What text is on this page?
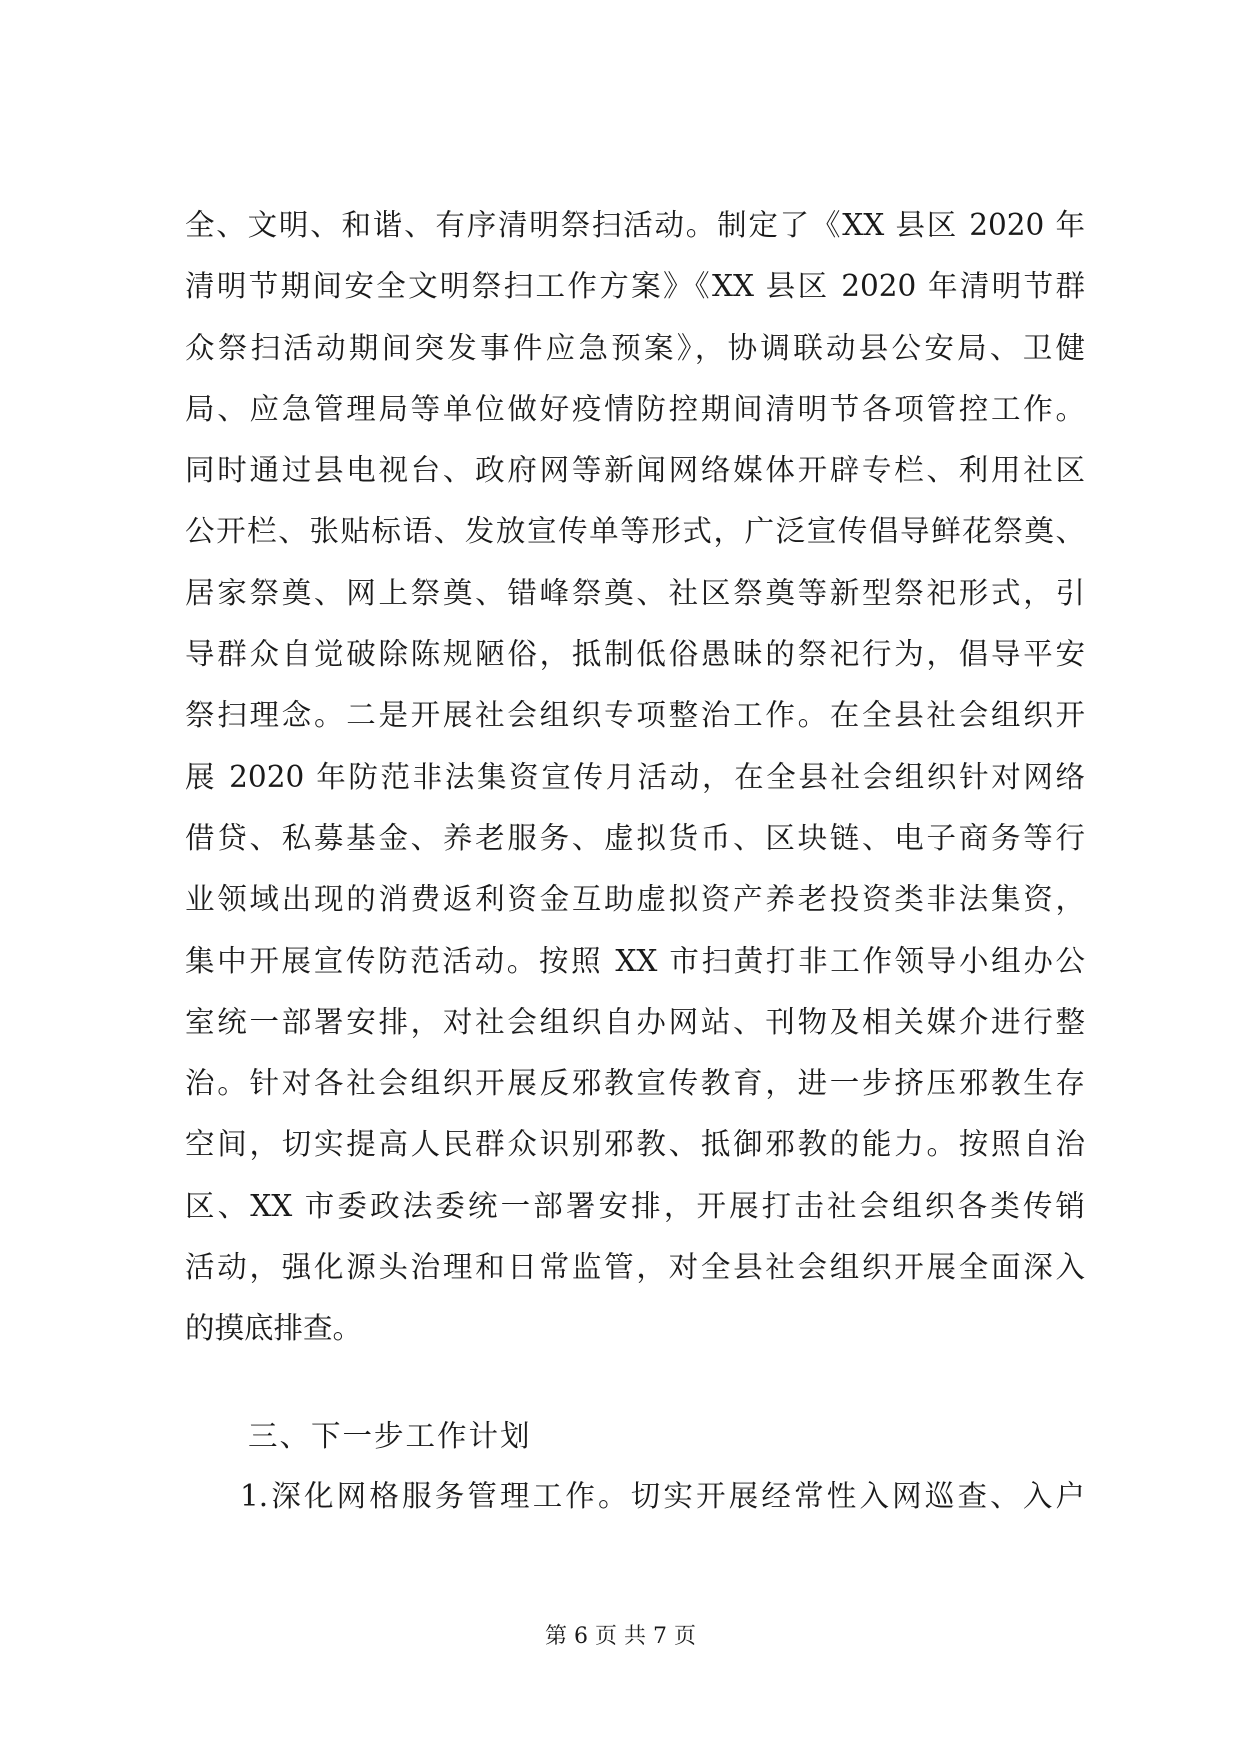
全、文明、和谐、有序清明祭扫活动。制定了《XX 县区 2020 年
清明节期间安全文明祭扫工作方案》《XX 县区 2020 年清明节群
众祭扫活动期间突发事件应急预案》，协调联动县公安局、卫健
局、应急管理局等单位做好疫情防控期间清明节各项管控工作。
同时通过县电视台、政府网等新闻网络媒体开辟专栏、利用社区
公开栏、张贴标语、发放宣传单等形式，广泛宣传倡导鲜花祭奠、
居家祭奠、网上祭奠、错峰祭奠、社区祭奠等新型祭祀形式，引
导群众自觉破除陈规陋俗，抵制低俗愚昧的祭祀行为，倡导平安
祭扫理念。二是开展社会组织专项整治工作。在全县社会组织开
展 2020 年防范非法集资宣传月活动，在全县社会组织针对网络
借贷、私募基金、养老服务、虚拟货币、区块链、电子商务等行
业领域出现的消费返利资金互助虚拟资产养老投资类非法集资，
集中开展宣传防范活动。按照 XX 市扫黄打非工作领导小组办公
室统一部署安排，对社会组织自办网站、刊物及相关媒介进行整
治。针对各社会组织开展反邪教宣传教育，进一步挤压邪教生存
空间，切实提高人民群众识别邪教、抵御邪教的能力。按照自治
区、XX 市委政法委统一部署安排，开展打击社会组织各类传销
活动，强化源头治理和日常监管，对全县社会组织开展全面深入
的摸底排查。
三、下一步工作计划
1.深化网格服务管理工作。切实开展经常性入网巡查、入户
第 6 页 共 7 页
